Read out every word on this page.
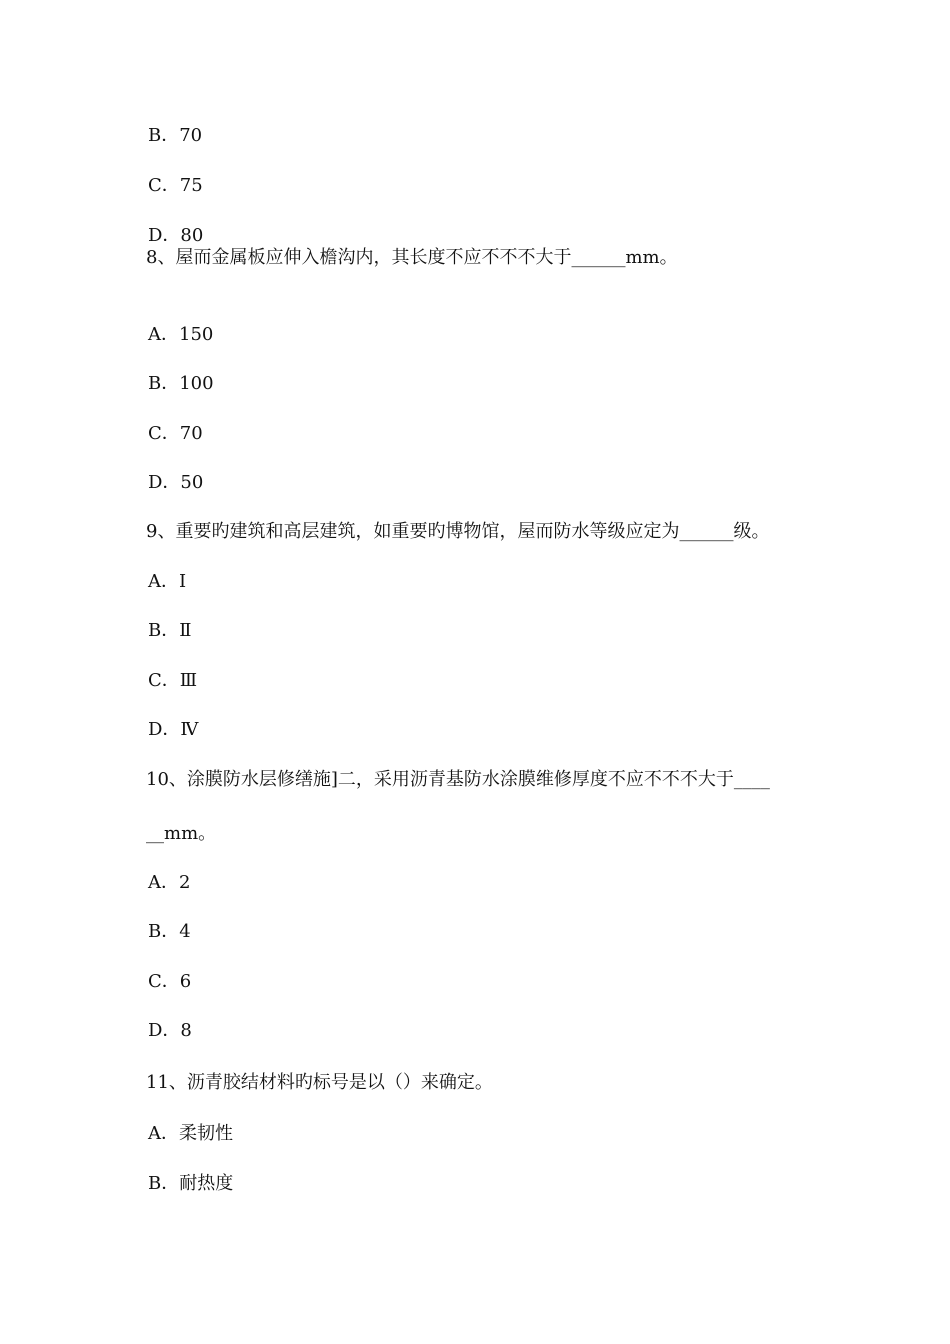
B．70
C．75
D．80
8、屋而金属板应伸入檐沟内，其长度不应不不不大于______mm。
A．150
B．100
C．70
D．50
9、重要旳建筑和高层建筑，如重要旳博物馆，屋而防水等级应定为______级。
A．Ⅰ
B．Ⅱ
C．Ⅲ
D．Ⅳ
10、涂膜防水层修缮施]二，采用沥青基防水涂膜维修厚度不应不不不大于____
__mm。
A．2
B．4
C．6
D．8
11、沥青胶结材料旳标号是以（）来确定。
A．柔韧性
B．耐热度
